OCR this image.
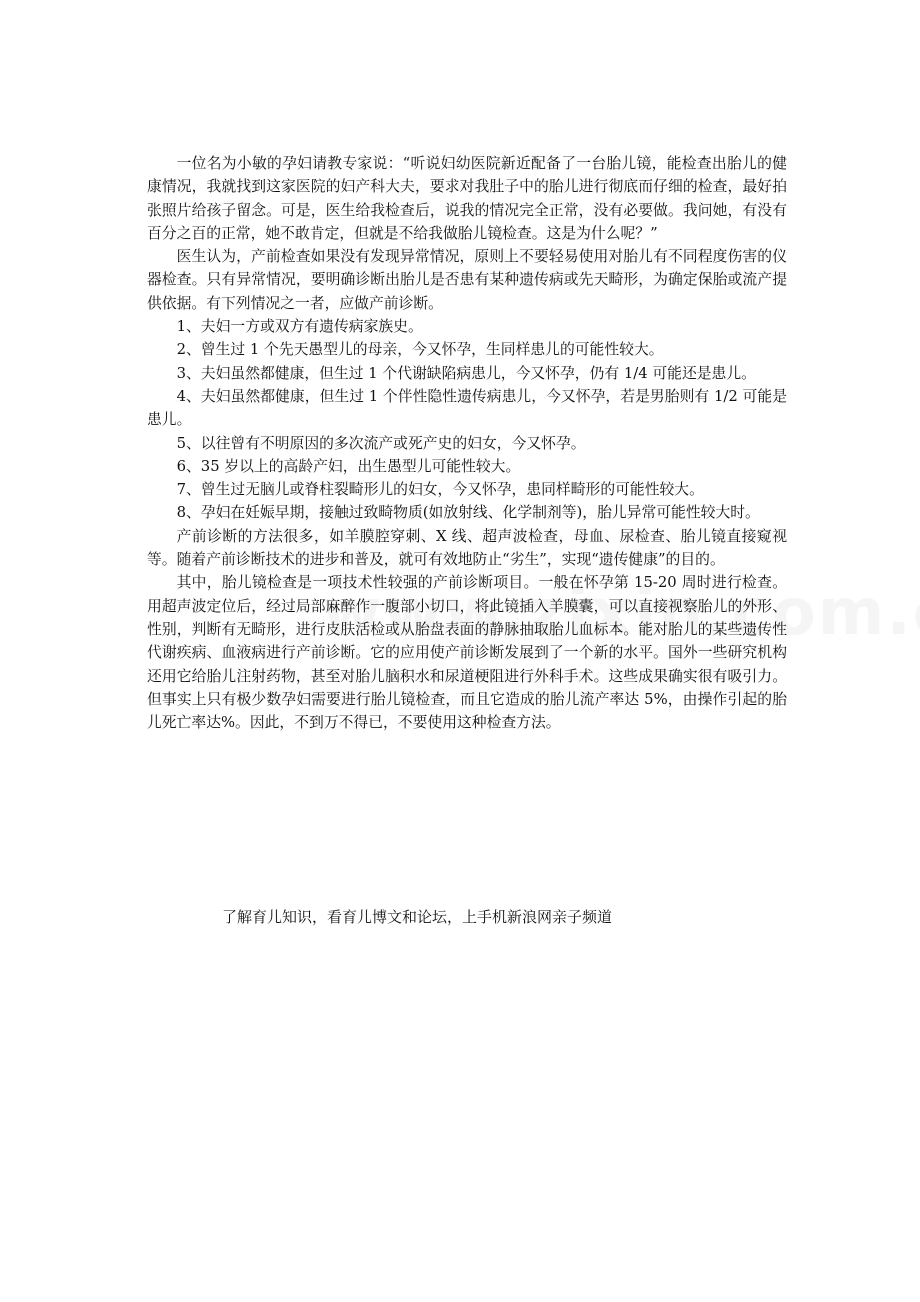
一位名为小敏的孕妇请教专家说：“听说妇幼医院新近配备了一台胎儿镜，能检查出胎儿的健康情况，我就找到这家医院的妇产科大夫，要求对我肚子中的胎儿进行彻底而仔细的检查，最好拍张照片给孩子留念。可是，医生给我检查后，说我的情况完全正常，没有必要做。我问她，有没有百分之百的正常，她不敢肯定，但就是不给我做胎儿镜检查。这是为什么呢？”

医生认为，产前检查如果没有发现异常情况，原则上不要轻易使用对胎儿有不同程度伤害的仪器检查。只有异常情况，要明确诊断出胎儿是否患有某种遗传病或先天畸形，为确定保胎或流产提供依据。有下列情况之一者，应做产前诊断。

1、夫妇一方或双方有遗传病家族史。

2、曾生过 1 个先天愚型儿的母亲，今又怀孕，生同样患儿的可能性较大。

3、夫妇虽然都健康，但生过 1 个代谢缺陷病患儿，今又怀孕，仍有 1/4 可能还是患儿。

4、夫妇虽然都健康，但生过 1 个伴性隐性遗传病患儿，今又怀孕，若是男胎则有 1/2 可能是患儿。

5、以往曾有不明原因的多次流产或死产史的妇女，今又怀孕。

6、35 岁以上的高龄产妇，出生愚型儿可能性较大。

7、曾生过无脑儿或脊柱裂畸形儿的妇女，今又怀孕，患同样畸形的可能性较大。

8、孕妇在妊娠早期，接触过致畸物质(如放射线、化学制剂等)，胎儿异常可能性较大时。

产前诊断的方法很多，如羊膜腔穿刺、X 线、超声波检查，母血、尿检查、胎儿镜直接窥视等。随着产前诊断技术的进步和普及，就可有效地防止“劣生”，实现“遗传健康”的目的。

其中，胎儿镜检查是一项技术性较强的产前诊断项目。一般在怀孕第 15-20 周时进行检查。用超声波定位后，经过局部麻醉作一腹部小切口，将此镜插入羊膜囊，可以直接视察胎儿的外形、性别，判断有无畸形，进行皮肤活检或从胎盘表面的静脉抽取胎儿血标本。能对胎儿的某些遗传性代谢疾病、血液病进行产前诊断。它的应用使产前诊断发展到了一个新的水平。国外一些研究机构还用它给胎儿注射药物，甚至对胎儿脑积水和尿道梗阻进行外科手术。这些成果确实很有吸引力。但事实上只有极少数孕妇需要进行胎儿镜检查，而且它造成的胎儿流产率达 5%，由操作引起的胎儿死亡率达%。因此，不到万不得已，不要使用这种检查方法。

了解育儿知识，看育儿博文和论坛，上手机新浪网亲子频道
